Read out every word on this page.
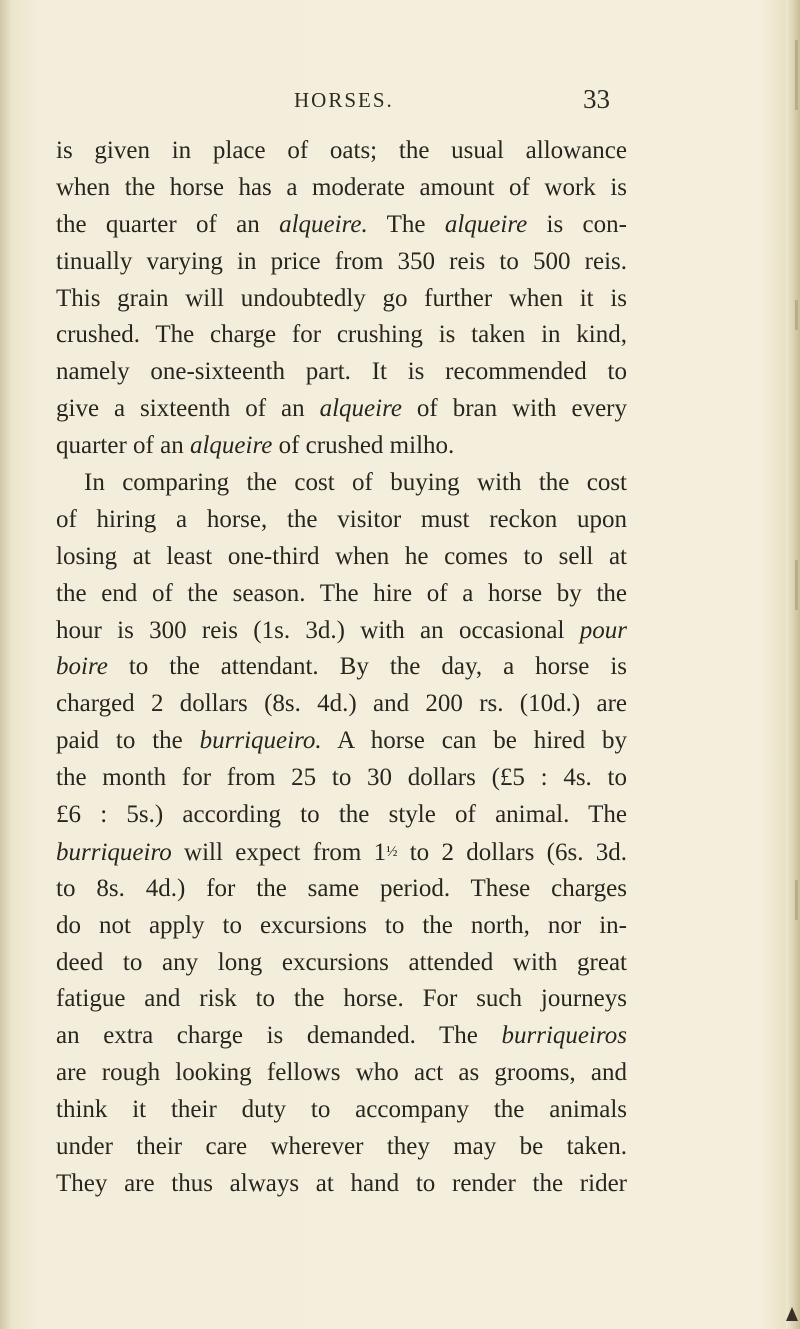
HORSES.	33
is given in place of oats; the usual allowance
when the horse has a moderate amount of work is
the quarter of an alqueire. The alqueire is con-
tinually varying in price from 350 reis to 500 reis.
This grain will undoubtedly go further when it is
crushed. The charge for crushing is taken in kind,
namely one-sixteenth part. It is recommended to
give a sixteenth of an alqueire of bran with every
quarter of an alqueire of crushed milho.
In comparing the cost of buying with the cost
of hiring a horse, the visitor must reckon upon
losing at least one-third when he comes to sell at
the end of the season. The hire of a horse by the
hour is 300 reis (1s. 3d.) with an occasional pour
boire to the attendant. By the day, a horse is
charged 2 dollars (8s. 4d.) and 200 rs. (10d.) are
paid to the burriqueiro. A horse can be hired by
the month for from 25 to 30 dollars (£5 : 4s. to
£6 : 5s.) according to the style of animal. The
burriqueiro will expect from 1½ to 2 dollars (6s. 3d.
to 8s. 4d.) for the same period. These charges
do not apply to excursions to the north, nor in-
deed to any long excursions attended with great
fatigue and risk to the horse. For such journeys
an extra charge is demanded. The burriqueiros
are rough looking fellows who act as grooms, and
think it their duty to accompany the animals
under their care wherever they may be taken.
They are thus always at hand to render the rider
